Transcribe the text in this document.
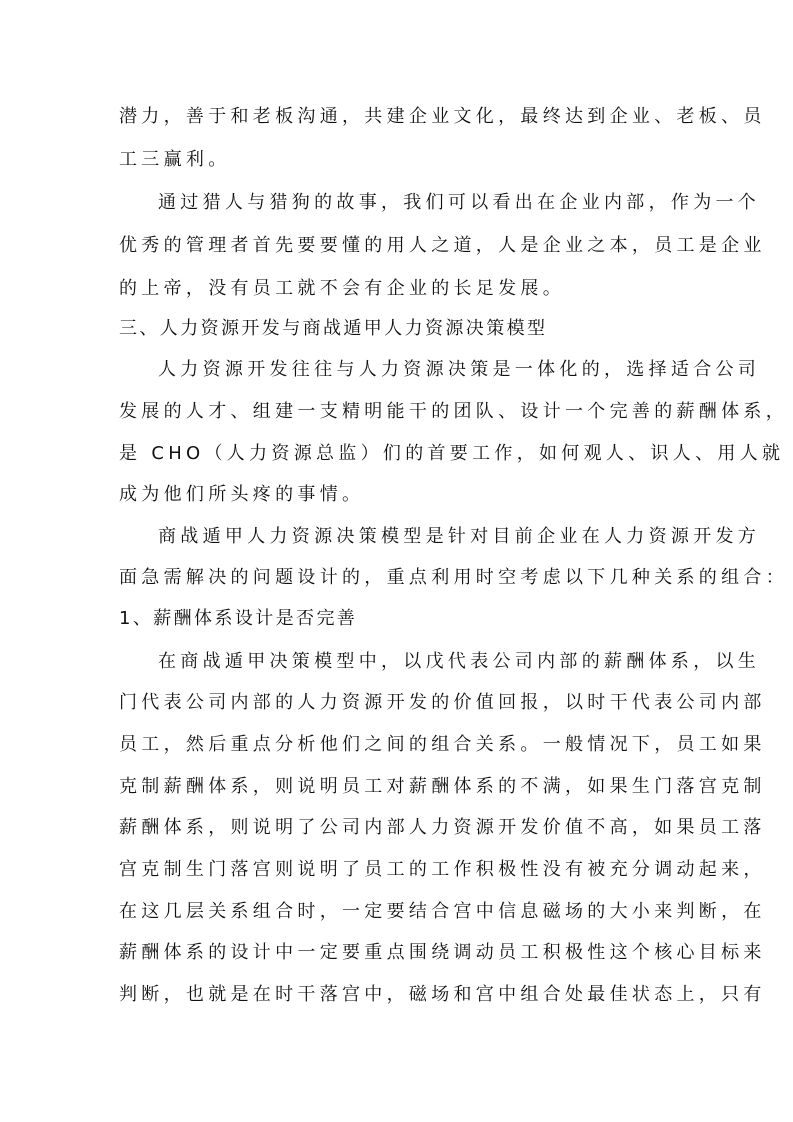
潜力，善于和老板沟通，共建企业文化，最终达到企业、老板、员
工三赢利。
通过猎人与猎狗的故事，我们可以看出在企业内部，作为一个
优秀的管理者首先要要懂的用人之道，人是企业之本，员工是企业
的上帝，没有员工就不会有企业的长足发展。
三、人力资源开发与商战遁甲人力资源决策模型
人力资源开发往往与人力资源决策是一体化的，选择适合公司
发展的人才、组建一支精明能干的团队、设计一个完善的薪酬体系，
是 CHO（人力资源总监）们的首要工作，如何观人、识人、用人就
成为他们所头疼的事情。
商战遁甲人力资源决策模型是针对目前企业在人力资源开发方
面急需解决的问题设计的，重点利用时空考虑以下几种关系的组合：
1、薪酬体系设计是否完善
在商战遁甲决策模型中，以戊代表公司内部的薪酬体系，以生
门代表公司内部的人力资源开发的价值回报，以时干代表公司内部
员工，然后重点分析他们之间的组合关系。一般情况下，员工如果
克制薪酬体系，则说明员工对薪酬体系的不满，如果生门落宫克制
薪酬体系，则说明了公司内部人力资源开发价值不高，如果员工落
宫克制生门落宫则说明了员工的工作积极性没有被充分调动起来，
在这几层关系组合时，一定要结合宫中信息磁场的大小来判断，在
薪酬体系的设计中一定要重点围绕调动员工积极性这个核心目标来
判断，也就是在时干落宫中，磁场和宫中组合处最佳状态上，只有
